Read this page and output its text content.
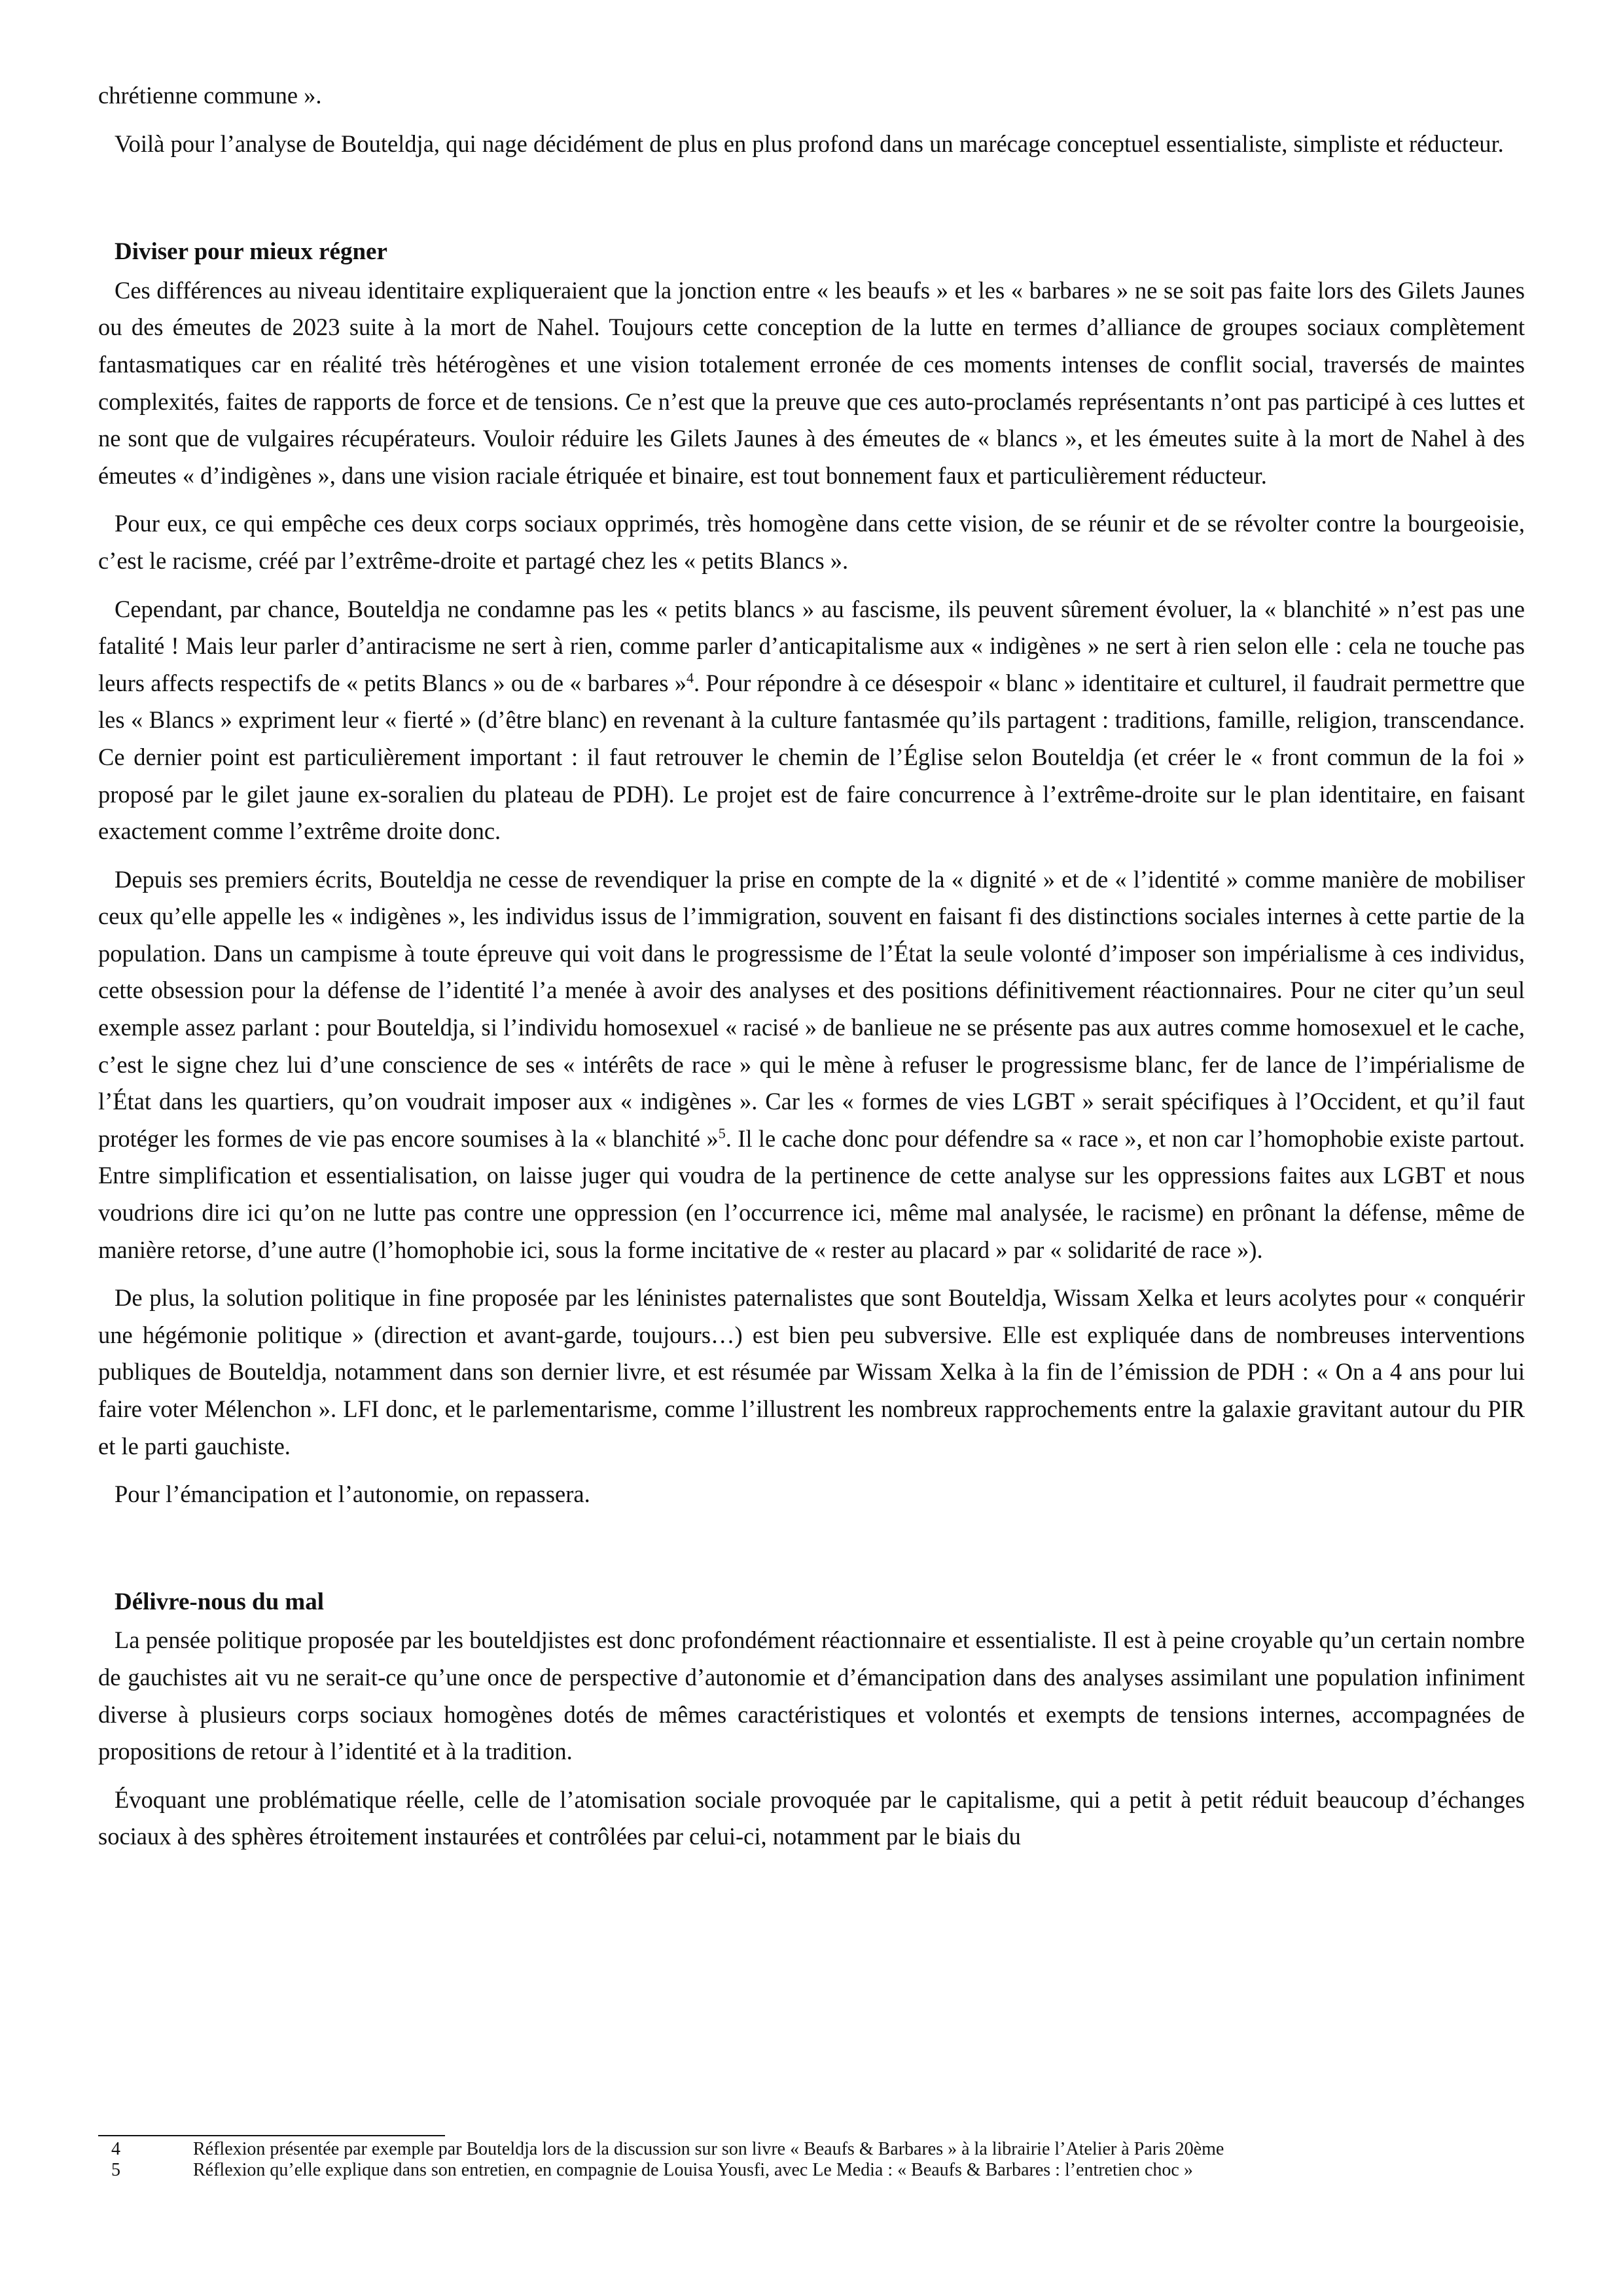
chrétienne commune ».

Voilà pour l’analyse de Bouteldja, qui nage décidément de plus en plus profond dans un marécage conceptuel essentialiste, simpliste et réducteur.

Diviser pour mieux régner

Ces différences au niveau identitaire expliqueraient que la jonction entre « les beaufs » et les « barbares » ne se soit pas faite lors des Gilets Jaunes ou des émeutes de 2023 suite à la mort de Nahel. Toujours cette conception de la lutte en termes d’alliance de groupes sociaux complètement fantasmatiques car en réalité très hétérogènes et une vision totalement erronée de ces moments intenses de conflit social, traversés de maintes complexités, faites de rapports de force et de tensions. Ce n’est que la preuve que ces auto-proclamés représentants n’ont pas participé à ces luttes et ne sont que de vulgaires récupérateurs. Vouloir réduire les Gilets Jaunes à des émeutes de « blancs », et les émeutes suite à la mort de Nahel à des émeutes « d’indigènes », dans une vision raciale étriquée et binaire, est tout bonnement faux et particulièrement réducteur.

Pour eux, ce qui empêche ces deux corps sociaux opprimés, très homogène dans cette vision, de se réunir et de se révolter contre la bourgeoisie, c’est le racisme, créé par l’extrême-droite et partagé chez les « petits Blancs ».

Cependant, par chance, Bouteldja ne condamne pas les « petits blancs » au fascisme, ils peuvent sûrement évoluer, la « blanchité » n’est pas une fatalité ! Mais leur parler d’antiracisme ne sert à rien, comme parler d’anticapitalisme aux « indigènes » ne sert à rien selon elle : cela ne touche pas leurs affects respectifs de « petits Blancs » ou de « barbares »$^4$. Pour répondre à ce désespoir « blanc » identitaire et culturel, il faudrait permettre que les « Blancs » expriment leur « fierté » (d’être blanc) en revenant à la culture fantasmée qu’ils partagent : traditions, famille, religion, transcendance. Ce dernier point est particulièrement important : il faut retrouver le chemin de l’Église selon Bouteldja (et créer le « front commun de la foi » proposé par le gilet jaune ex-soralien du plateau de PDH). Le projet est de faire concurrence à l’extrême-droite sur le plan identitaire, en faisant exactement comme l’extrême droite donc.

Depuis ses premiers écrits, Bouteldja ne cesse de revendiquer la prise en compte de la « dignité » et de « l’identité » comme manière de mobiliser ceux qu’elle appelle les « indigènes », les individus issus de l’immigration, souvent en faisant fi des distinctions sociales internes à cette partie de la population. Dans un campisme à toute épreuve qui voit dans le progressisme de l’État la seule volonté d’imposer son impérialisme à ces individus, cette obsession pour la défense de l’identité l’a menée à avoir des analyses et des positions définitivement réactionnaires. Pour ne citer qu’un seul exemple assez parlant : pour Bouteldja, si l’individu homosexuel « racisé » de banlieue ne se présente pas aux autres comme homosexuel et le cache, c’est le signe chez lui d’une conscience de ses « intérêts de race » qui le mène à refuser le progressisme blanc, fer de lance de l’impérialisme de l’État dans les quartiers, qu’on voudrait imposer aux « indigènes ». Car les « formes de vies LGBT » serait spécifiques à l’Occident, et qu’il faut protéger les formes de vie pas encore soumises à la « blanchité »$^5$. Il le cache donc pour défendre sa « race », et non car l’homophobie existe partout. Entre simplification et essentialisation, on laisse juger qui voudra de la pertinence de cette analyse sur les oppressions faites aux LGBT et nous voudrions dire ici qu’on ne lutte pas contre une oppression (en l’occurrence ici, même mal analysée, le racisme) en prônant la défense, même de manière retorse, d’une autre (l’homophobie ici, sous la forme incitative de « rester au placard » par « solidarité de race »).

De plus, la solution politique in fine proposée par les léninistes paternalistes que sont Bouteldja, Wissam Xelka et leurs acolytes pour « conquérir une hégémonie politique » (direction et avant-garde, toujours…) est bien peu subversive. Elle est expliquée dans de nombreuses interventions publiques de Bouteldja, notamment dans son dernier livre, et est résumée par Wissam Xelka à la fin de l’émission de PDH : « On a 4 ans pour lui faire voter Mélenchon ». LFI donc, et le parlementarisme, comme l’illustrent les nombreux rapprochements entre la galaxie gravitant autour du PIR et le parti gauchiste.

Pour l’émancipation et l’autonomie, on repassera.

Délivre-nous du mal

La pensée politique proposée par les bouteldjistes est donc profondément réactionnaire et essentialiste. Il est à peine croyable qu’un certain nombre de gauchistes ait vu ne serait-ce qu’une once de perspective d’autonomie et d’émancipation dans des analyses assimilant une population infiniment diverse à plusieurs corps sociaux homogènes dotés de mêmes caractéristiques et volontés et exempts de tensions internes, accompagnées de propositions de retour à l’identité et à la tradition.

Évoquant une problématique réelle, celle de l’atomisation sociale provoquée par le capitalisme, qui a petit à petit réduit beaucoup d’échanges sociaux à des sphères étroitement instaurées et contrôlées par celui-ci, notamment par le biais du

4	Réflexion présentée par exemple par Bouteldja lors de la discussion sur son livre « Beaufs & Barbares » à la librairie l’Atelier à Paris 20ème
5	Réflexion qu’elle explique dans son entretien, en compagnie de Louisa Yousfi, avec Le Media : « Beaufs & Barbares : l’entretien choc »
